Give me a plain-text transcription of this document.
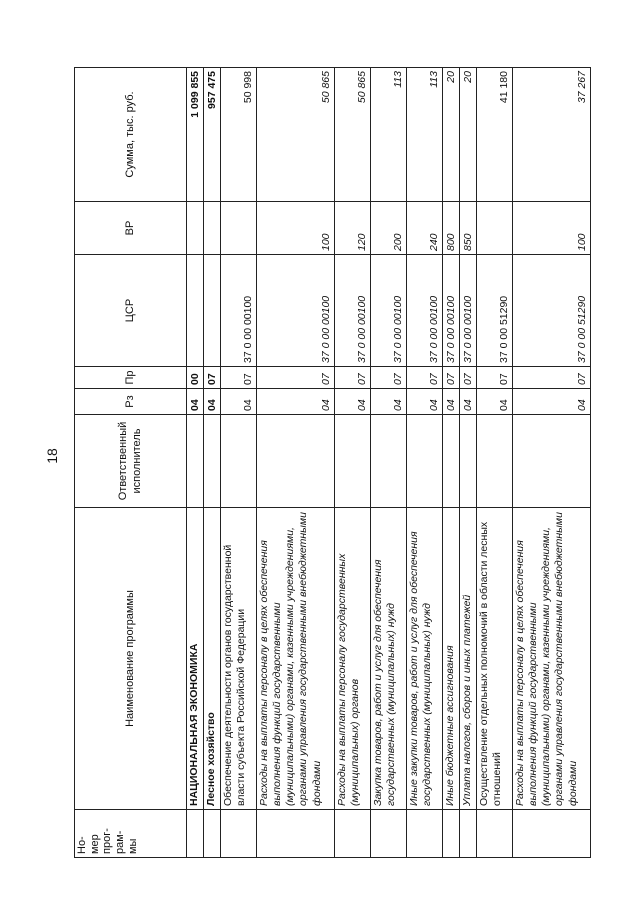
18
Но-
мер
прог-
рам-
мы	Наименование программы	Ответственный исполнитель	Рз	Пр	ЦСР	ВР	Сумма, тыс. руб.
	НАЦИОНАЛЬНАЯ ЭКОНОМИКА		04	00			1 099 855
	Лесное хозяйство		04	07			957 475
	Обеспечение деятельности органов государственной власти субъекта Российской Федерации		04	07	37 0 00 00100		50 998
	Расходы на выплаты персоналу в целях обеспечения выполнения функций государственными (муниципальными) органами, казенными учреждениями, органами управления государственными внебюджетными фондами		04	07	37 0 00 00100	100	50 865
	Расходы на выплаты персоналу государственных (муниципальных) органов		04	07	37 0 00 00100	120	50 865
	Закупка товаров, работ и услуг для обеспечения государственных (муниципальных) нужд		04	07	37 0 00 00100	200	113
	Иные закупки товаров, работ и услуг для обеспечения государственных (муниципальных) нужд		04	07	37 0 00 00100	240	113
	Иные бюджетные ассигнования		04	07	37 0 00 00100	800	20
	Уплата налогов, сборов и иных платежей		04	07	37 0 00 00100	850	20
	Осуществление отдельных полномочий в области лесных отношений		04	07	37 0 00 51290		41 180
	Расходы на выплаты персоналу в целях обеспечения выполнения функций государственными (муниципальными) органами, казенными учреждениями, органами управления государственными внебюджетными фондами		04	07	37 0 00 51290	100	37 267
